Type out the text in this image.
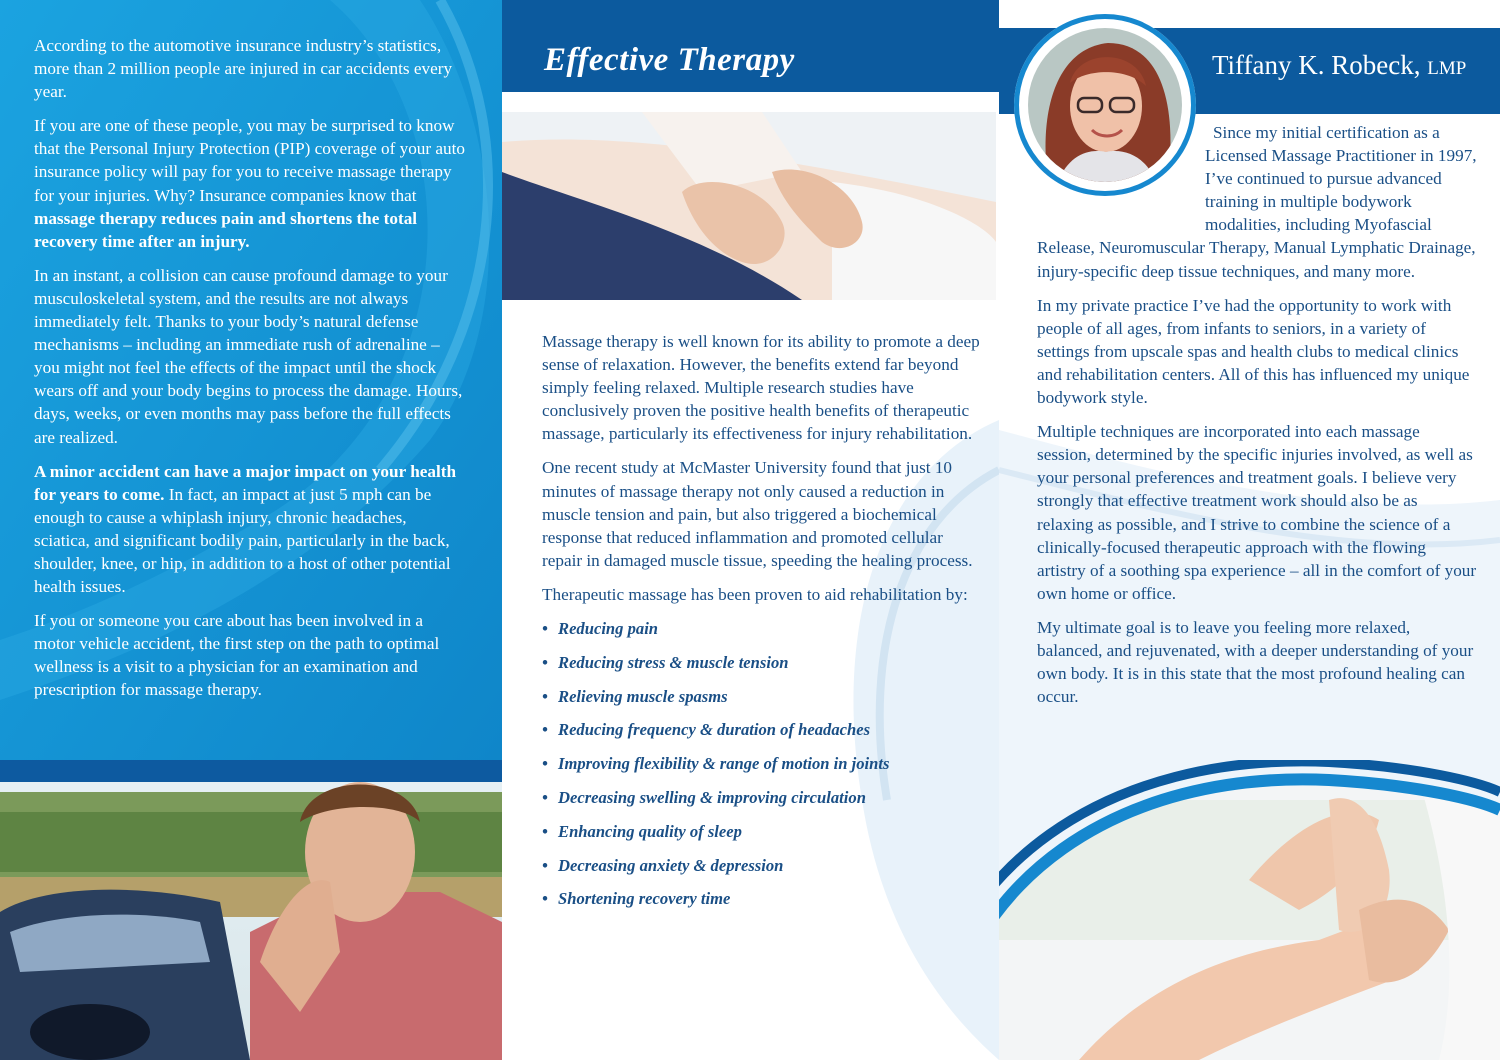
According to the automotive insurance industry’s statistics, more than 2 million people are injured in car accidents every year.

If you are one of these people, you may be surprised to know that the Personal Injury Protection (PIP) coverage of your auto insurance policy will pay for you to receive massage therapy for your injuries. Why? Insurance companies know that massage therapy reduces pain and shortens the total recovery time after an injury.

In an instant, a collision can cause profound damage to your musculoskeletal system, and the results are not always immediately felt. Thanks to your body’s natural defense mechanisms – including an immediate rush of adrenaline – you might not feel the effects of the impact until the shock wears off and your body begins to process the damage. Hours, days, weeks, or even months may pass before the full effects are realized.

A minor accident can have a major impact on your health for years to come. In fact, an impact at just 5 mph can be enough to cause a whiplash injury, chronic headaches, sciatica, and significant bodily pain, particularly in the back, shoulder, knee, or hip, in addition to a host of other potential health issues.

If you or someone you care about has been involved in a motor vehicle accident, the first step on the path to optimal wellness is a visit to a physician for an examination and prescription for massage therapy.

Effective Therapy

Massage therapy is well known for its ability to promote a deep sense of relaxation. However, the benefits extend far beyond simply feeling relaxed. Multiple research studies have conclusively proven the positive health benefits of therapeutic massage, particularly its effectiveness for injury rehabilitation.

One recent study at McMaster University found that just 10 minutes of massage therapy not only caused a reduction in muscle tension and pain, but also triggered a biochemical response that reduced inflammation and promoted cellular repair in damaged muscle tissue, speeding the healing process.

Therapeutic massage has been proven to aid rehabilitation by:

• Reducing pain
• Reducing stress & muscle tension
• Relieving muscle spasms
• Reducing frequency & duration of headaches
• Improving flexibility & range of motion in joints
• Decreasing swelling & improving circulation
• Enhancing quality of sleep
• Decreasing anxiety & depression
• Shortening recovery time
Tiffany K. Robeck, LMP

Since my initial certification as a Licensed Massage Practitioner in 1997, I’ve continued to pursue advanced training in multiple bodywork modalities, including Myofascial Release, Neuromuscular Therapy, Manual Lymphatic Drainage, injury-specific deep tissue techniques, and many more.

In my private practice I’ve had the opportunity to work with people of all ages, from infants to seniors, in a variety of settings from upscale spas and health clubs to medical clinics and rehabilitation centers. All of this has influenced my unique bodywork style.

Multiple techniques are incorporated into each massage session, determined by the specific injuries involved, as well as your personal preferences and treatment goals. I believe very strongly that effective treatment work should also be as relaxing as possible, and I strive to combine the science of a clinically-focused therapeutic approach with the flowing artistry of a soothing spa experience – all in the comfort of your own home or office.

My ultimate goal is to leave you feeling more relaxed, balanced, and rejuvenated, with a deeper understanding of your own body. It is in this state that the most profound healing can occur.
